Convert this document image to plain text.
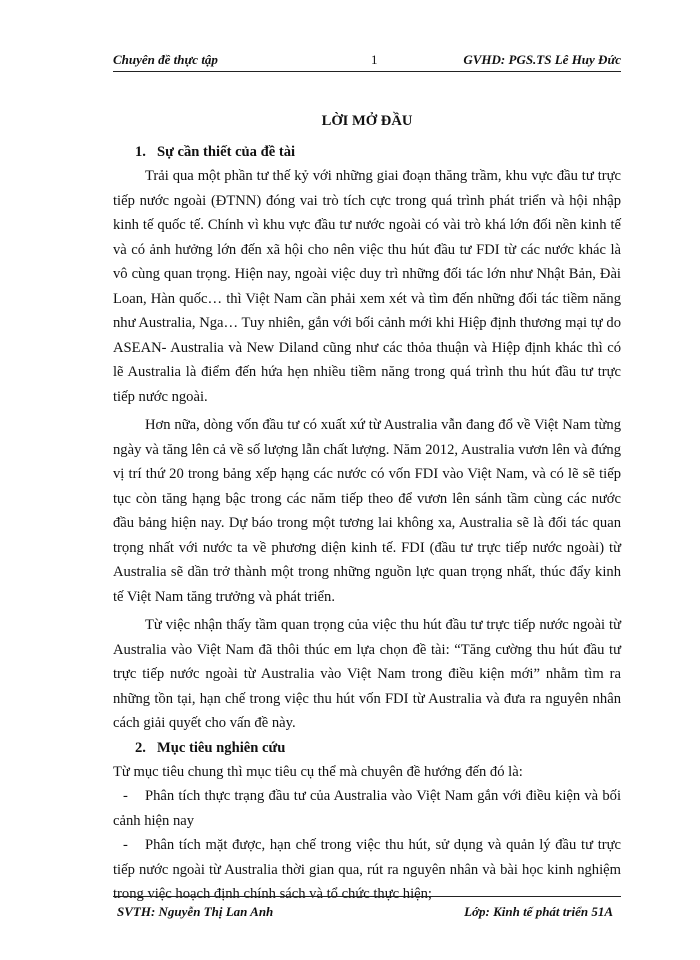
Chuyên đề thực tập	1	GVHD: PGS.TS Lê Huy Đức
LỜI MỞ ĐẦU
1. Sự cần thiết của đề tài

Trải qua một phần tư thế kỷ với những giai đoạn thăng trầm, khu vực đầu tư trực tiếp nước ngoài (ĐTNN) đóng vai trò tích cực trong quá trình phát triển và hội nhập kinh tế quốc tế. Chính vì khu vực đầu tư nước ngoài có vài trò khá lớn đối nền kinh tế và có ảnh hưởng lớn đến xã hội cho nên việc thu hút đầu tư FDI từ các nước khác là vô cùng quan trọng. Hiện nay, ngoài việc duy trì những đối tác lớn như Nhật Bản, Đài Loan, Hàn quốc… thì Việt Nam cần phải xem xét và tìm đến những đối tác tiềm năng như Australia, Nga… Tuy nhiên, gắn với bối cảnh mới khi Hiệp định thương mại tự do ASEAN- Australia và New Diland cũng như các thỏa thuận và Hiệp định khác thì có lẽ Australia là điểm đến hứa hẹn nhiều tiềm năng trong quá trình thu hút đầu tư trực tiếp nước ngoài.

Hơn nữa, dòng vốn đầu tư có xuất xứ từ Australia vẫn đang đổ về Việt Nam từng ngày và tăng lên cả về số lượng lẫn chất lượng. Năm 2012, Australia vươn lên và đứng vị trí thứ 20 trong bảng xếp hạng các nước có vốn FDI vào Việt Nam, và có lẽ sẽ tiếp tục còn tăng hạng bậc trong các năm tiếp theo để vươn lên sánh tầm cùng các nước đầu bảng hiện nay. Dự báo trong một tương lai không xa, Australia sẽ là đối tác quan trọng nhất với nước ta về phương diện kinh tế. FDI (đầu tư trực tiếp nước ngoài) từ Australia sẽ dần trở thành một trong những nguồn lực quan trọng nhất, thúc đẩy kinh tế Việt Nam tăng trưởng và phát triển.

Từ việc nhận thấy tầm quan trọng của việc thu hút đầu tư trực tiếp nước ngoài từ Australia vào Việt Nam đã thôi thúc em lựa chọn đề tài: “Tăng cường thu hút đầu tư trực tiếp nước ngoài từ Australia vào Việt Nam trong điều kiện mới” nhằm tìm ra những tồn tại, hạn chế trong việc thu hút vốn FDI từ Australia và đưa ra nguyên nhân cách giải quyết cho vấn đề này.

2. Mục tiêu nghiên cứu

Từ mục tiêu chung thì mục tiêu cụ thể mà chuyên đề hướng đến đó là:

- Phân tích thực trạng đầu tư của Australia vào Việt Nam gắn với điều kiện và bối cảnh hiện nay

- Phân tích mặt được, hạn chế trong việc thu hút, sử dụng và quản lý đầu tư trực tiếp nước ngoài từ Australia thời gian qua, rút ra nguyên nhân và bài học kinh nghiệm trong việc hoạch định chính sách và tổ chức thực hiện;

SVTH: Nguyễn Thị Lan Anh	Lớp: Kinh tế phát triển 51A
